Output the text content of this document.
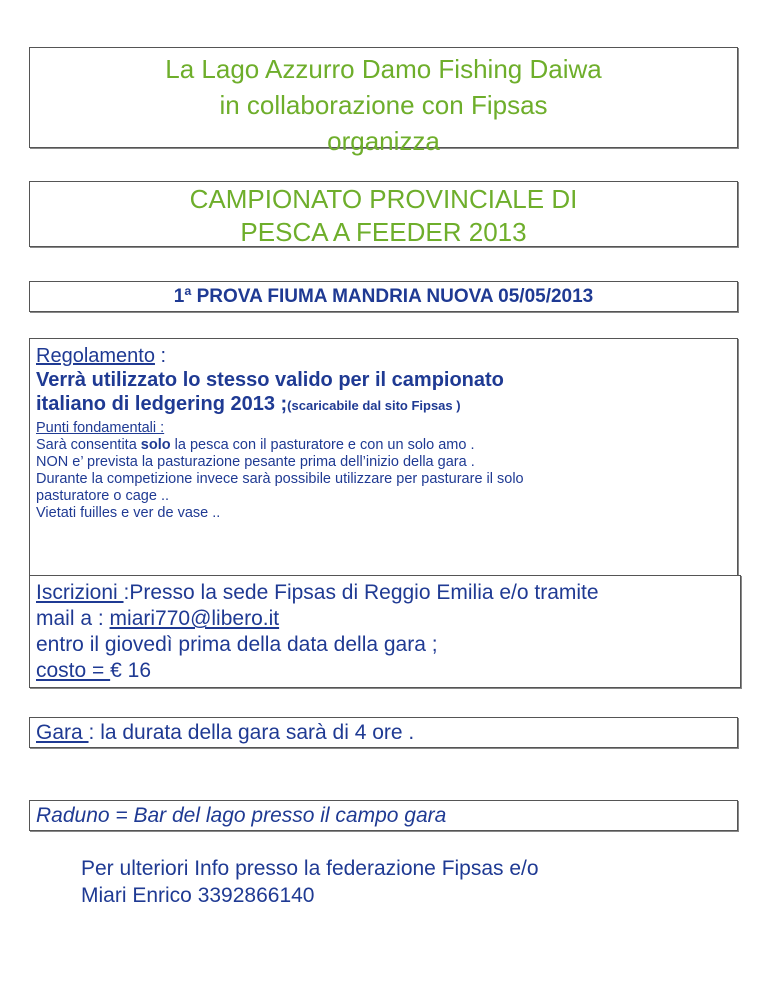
La Lago Azzurro Damo Fishing Daiwa
in collaborazione con Fipsas
organizza
CAMPIONATO PROVINCIALE DI
PESCA A FEEDER 2013
1ª PROVA FIUMA MANDRIA NUOVA 05/05/2013
Regolamento :
Verrà utilizzato lo stesso valido per il campionato
italiano di ledgering 2013 ;(scaricabile dal sito Fipsas )
Punti fondamentali :
Sarà consentita solo la pesca con il pasturatore e con un solo amo .
NON e’ prevista la pasturazione pesante prima dell’inizio della gara .
Durante la competizione invece sarà possibile utilizzare per pasturare il solo
pasturatore o cage ..
Vietati fuilles e ver de vase ..
Iscrizioni :Presso la sede Fipsas di Reggio Emilia e/o tramite
mail a : miari770@libero.it
entro il giovedì prima della data della gara ;
costo = € 16
Gara : la durata della gara sarà di 4 ore .
Raduno = Bar del lago presso il campo gara
Per ulteriori Info presso la federazione Fipsas e/o
Miari Enrico 3392866140
